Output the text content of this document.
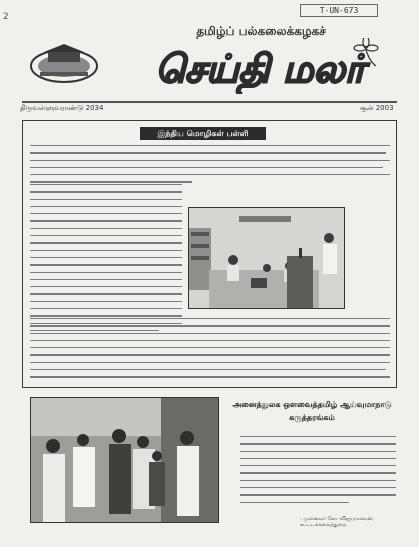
2
T-UN-673
தமிழ்ப் பல்கலைக்கழகச்
செய்தி மலர்
திருவள்ளுவராண்டு 2034	சூன் 2003
இந்திய மொழிகள் பள்ளி
அனைத்துலக ஒளவைத்தமிழ் ஆய்வுமாநாடு
கருத்தரங்கம்
- முனைவர் கோ. விஜயராகவன், கட்டடக்கலைத்துறை
